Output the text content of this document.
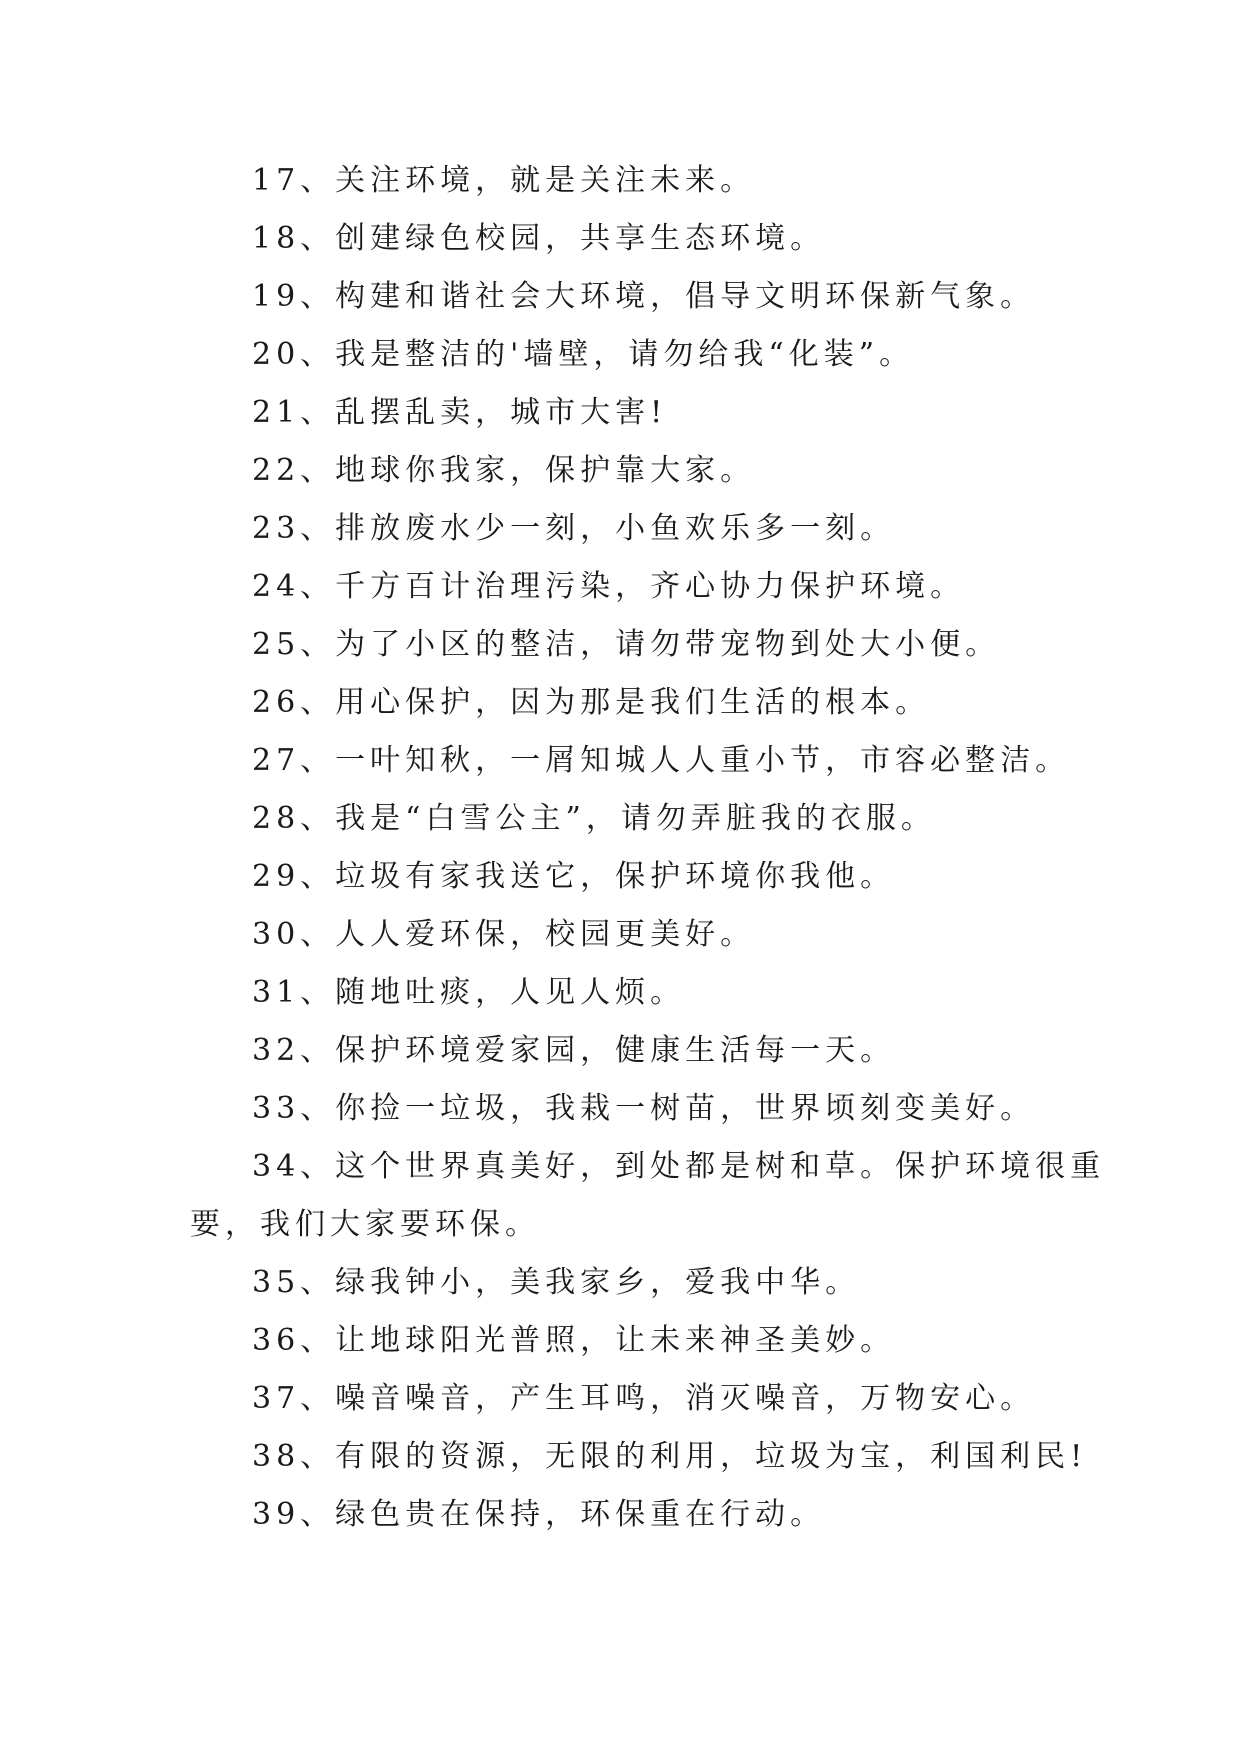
17、关注环境，就是关注未来。
18、创建绿色校园，共享生态环境。
19、构建和谐社会大环境，倡导文明环保新气象。
20、我是整洁的'墙壁，请勿给我“化装”。
21、乱摆乱卖，城市大害!
22、地球你我家，保护靠大家。
23、排放废水少一刻，小鱼欢乐多一刻。
24、千方百计治理污染，齐心协力保护环境。
25、为了小区的整洁，请勿带宠物到处大小便。
26、用心保护，因为那是我们生活的根本。
27、一叶知秋，一屑知城人人重小节，市容必整洁。
28、我是“白雪公主”，请勿弄脏我的衣服。
29、垃圾有家我送它，保护环境你我他。
30、人人爱环保，校园更美好。
31、随地吐痰，人见人烦。
32、保护环境爱家园，健康生活每一天。
33、你捡一垃圾，我栽一树苗，世界顷刻变美好。
34、这个世界真美好，到处都是树和草。保护环境很重
要，我们大家要环保。
35、绿我钟小，美我家乡，爱我中华。
36、让地球阳光普照，让未来神圣美妙。
37、噪音噪音，产生耳鸣，消灭噪音，万物安心。
38、有限的资源，无限的利用，垃圾为宝，利国利民!
39、绿色贵在保持，环保重在行动。
